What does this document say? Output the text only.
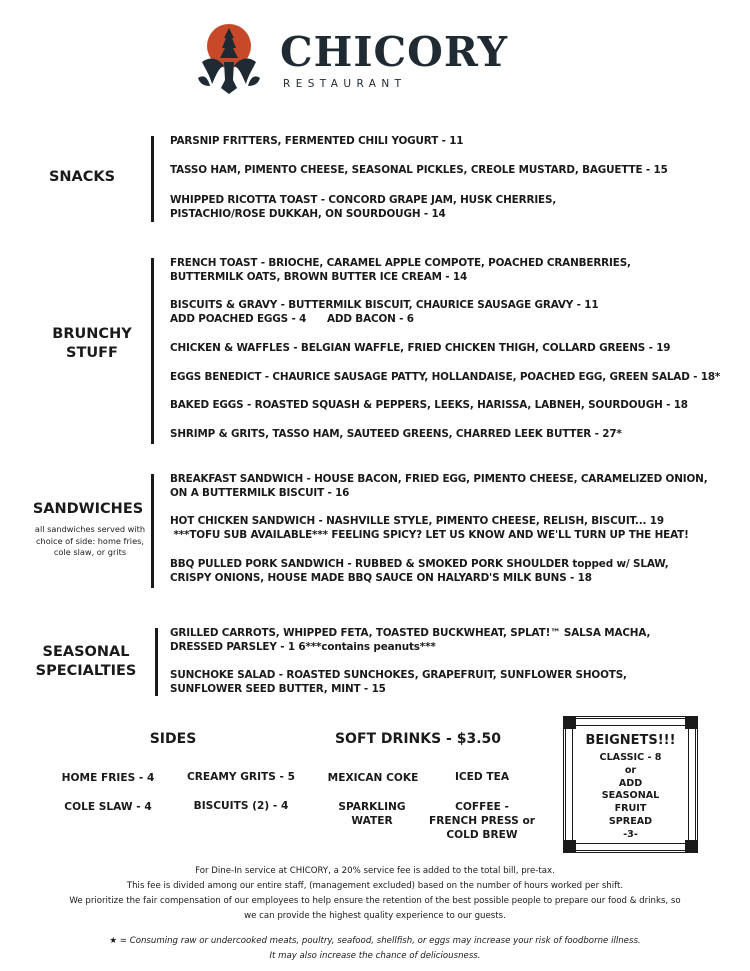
CHICORY
RESTAURANT
SNACKS
PARSNIP FRITTERS, FERMENTED CHILI YOGURT - 11
TASSO HAM, PIMENTO CHEESE, SEASONAL PICKLES, CREOLE MUSTARD, BAGUETTE - 15
WHIPPED RICOTTA TOAST - CONCORD GRAPE JAM, HUSK CHERRIES,
PISTACHIO/ROSE DUKKAH, ON SOURDOUGH - 14
BRUNCHY
STUFF
FRENCH TOAST - BRIOCHE, CARAMEL APPLE COMPOTE, POACHED CRANBERRIES,
BUTTERMILK OATS, BROWN BUTTER ICE CREAM - 14
BISCUITS & GRAVY - BUTTERMILK BISCUIT, CHAURICE SAUSAGE GRAVY - 11
ADD POACHED EGGS - 4      ADD BACON - 6
CHICKEN & WAFFLES - BELGIAN WAFFLE, FRIED CHICKEN THIGH, COLLARD GREENS - 19
EGGS BENEDICT - CHAURICE SAUSAGE PATTY, HOLLANDAISE, POACHED EGG, GREEN SALAD - 18*
BAKED EGGS - ROASTED SQUASH & PEPPERS, LEEKS, HARISSA, LABNEH, SOURDOUGH - 18
SHRIMP & GRITS, TASSO HAM, SAUTEED GREENS, CHARRED LEEK BUTTER - 27*
SANDWICHES
all sandwiches served with choice of side: home fries, cole slaw, or grits
BREAKFAST SANDWICH - HOUSE BACON, FRIED EGG, PIMENTO CHEESE, CARAMELIZED ONION,
ON A BUTTERMILK BISCUIT - 16
HOT CHICKEN SANDWICH - NASHVILLE STYLE, PIMENTO CHEESE, RELISH, BISCUIT... 19
***TOFU SUB AVAILABLE*** FEELING SPICY? LET US KNOW AND WE'LL TURN UP THE HEAT!
BBQ PULLED PORK SANDWICH - RUBBED & SMOKED PORK SHOULDER topped w/ SLAW,
CRISPY ONIONS, HOUSE MADE BBQ SAUCE ON HALYARD'S MILK BUNS - 18
SEASONAL
SPECIALTIES
GRILLED CARROTS, WHIPPED FETA, TOASTED BUCKWHEAT, SPLAT!™ SALSA MACHA,
DRESSED PARSLEY - 1 6***contains peanuts***
SUNCHOKE SALAD - ROASTED SUNCHOKES, GRAPEFRUIT, SUNFLOWER SHOOTS,
SUNFLOWER SEED BUTTER, MINT - 15
SIDES
HOME FRIES - 4	CREAMY GRITS - 5
COLE SLAW - 4	BISCUITS (2) - 4
SOFT DRINKS - $3.50
MEXICAN COKE	ICED TEA
SPARKLING
WATER
COFFEE -
FRENCH PRESS or
COLD BREW
BEIGNETS!!!
CLASSIC - 8
or
ADD
SEASONAL
FRUIT
SPREAD
-3-
For Dine-In service at CHICORY, a 20% service fee is added to the total bill, pre-tax.
This fee is divided among our entire staff, (management excluded) based on the number of hours worked per shift.
We prioritize the fair compensation of our employees to help ensure the retention of the best possible people to prepare our food & drinks, so
we can provide the highest quality experience to our guests.
★ = Consuming raw or undercooked meats, poultry, seafood, shellfish, or eggs may increase your risk of foodborne illness.
It may also increase the chance of deliciousness.
